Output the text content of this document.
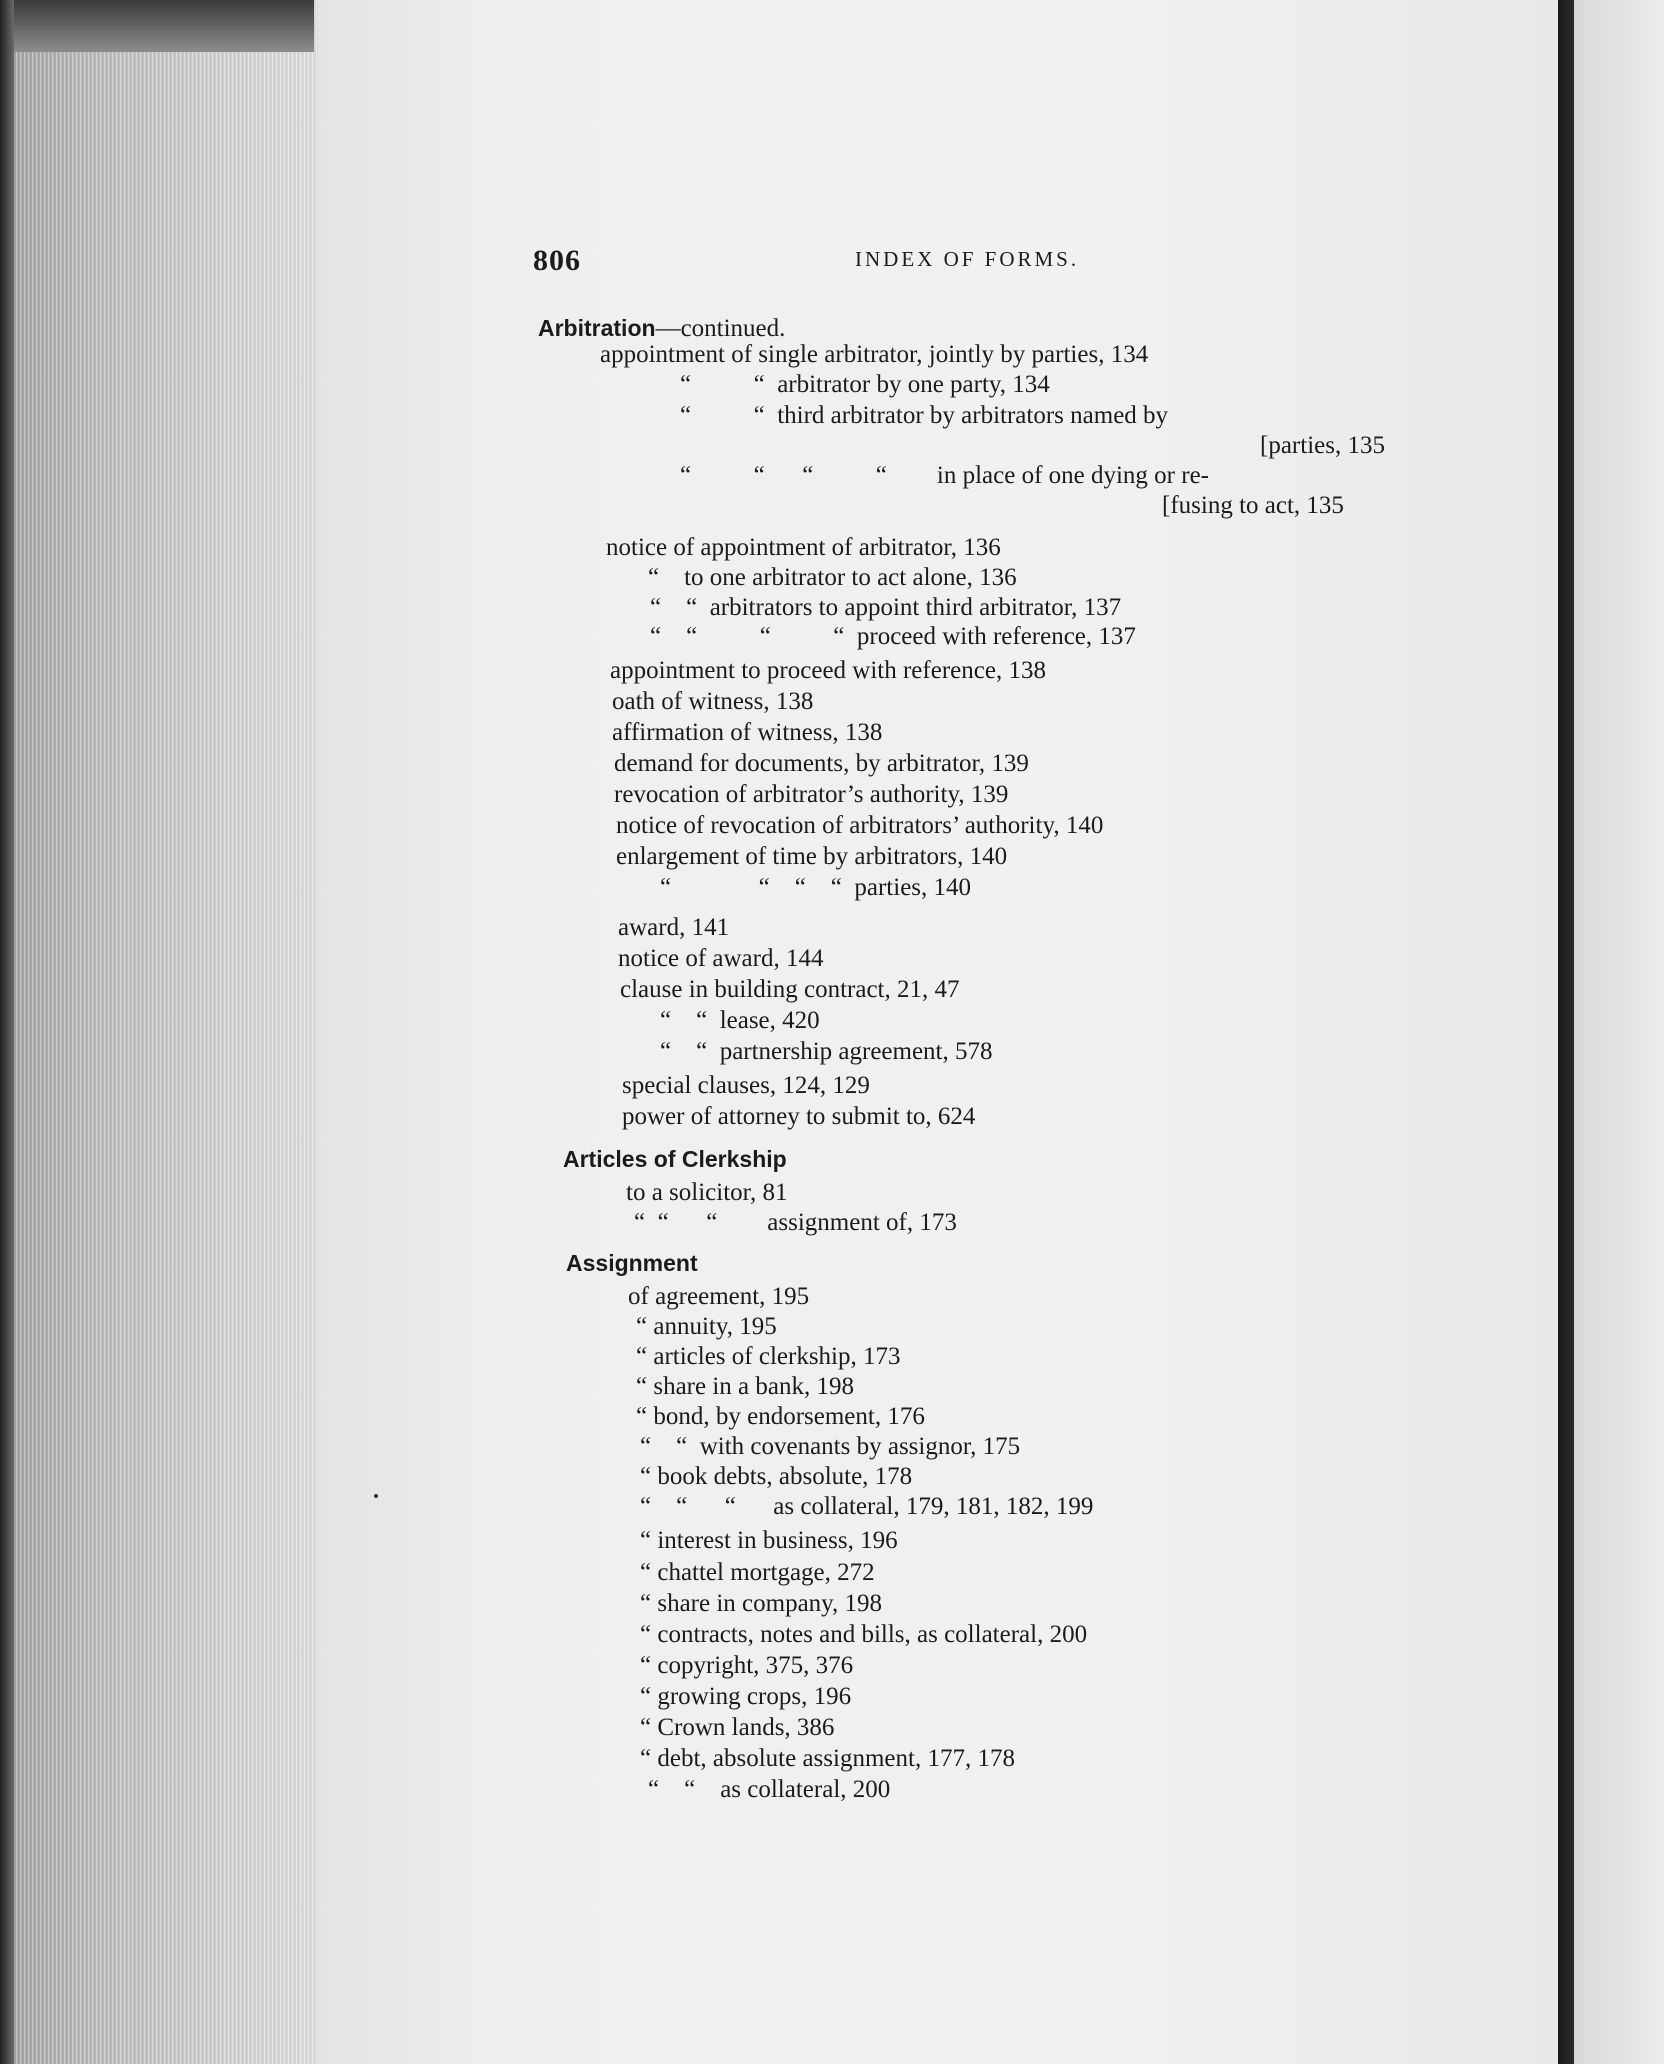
806	INDEX OF FORMS.
Arbitration—continued.
appointment of single arbitrator, jointly by parties, 134
“          “  arbitrator by one party, 134
“          “  third arbitrator by arbitrators named by
[parties, 135
“          “      “          “        in place of one dying or re-
[fusing to act, 135
notice of appointment of arbitrator, 136
“    to one arbitrator to act alone, 136
“    “  arbitrators to appoint third arbitrator, 137
“    “          “          “  proceed with reference, 137
appointment to proceed with reference, 138
oath of witness, 138
affirmation of witness, 138
demand for documents, by arbitrator, 139
revocation of arbitrator’s authority, 139
notice of revocation of arbitrators’ authority, 140
enlargement of time by arbitrators, 140
“              “    “    “  parties, 140
award, 141
notice of award, 144
clause in building contract, 21, 47
“    “  lease, 420
“    “  partnership agreement, 578
special clauses, 124, 129
power of attorney to submit to, 624
Articles of Clerkship
to a solicitor, 81
“  “      “        assignment of, 173
Assignment
of agreement, 195
“ annuity, 195
“ articles of clerkship, 173
“ share in a bank, 198
“ bond, by endorsement, 176
“    “  with covenants by assignor, 175
“ book debts, absolute, 178
“    “      “      as collateral, 179, 181, 182, 199
“ interest in business, 196
“ chattel mortgage, 272
“ share in company, 198
“ contracts, notes and bills, as collateral, 200
“ copyright, 375, 376
“ growing crops, 196
“ Crown lands, 386
“ debt, absolute assignment, 177, 178
“    “    as collateral, 200
